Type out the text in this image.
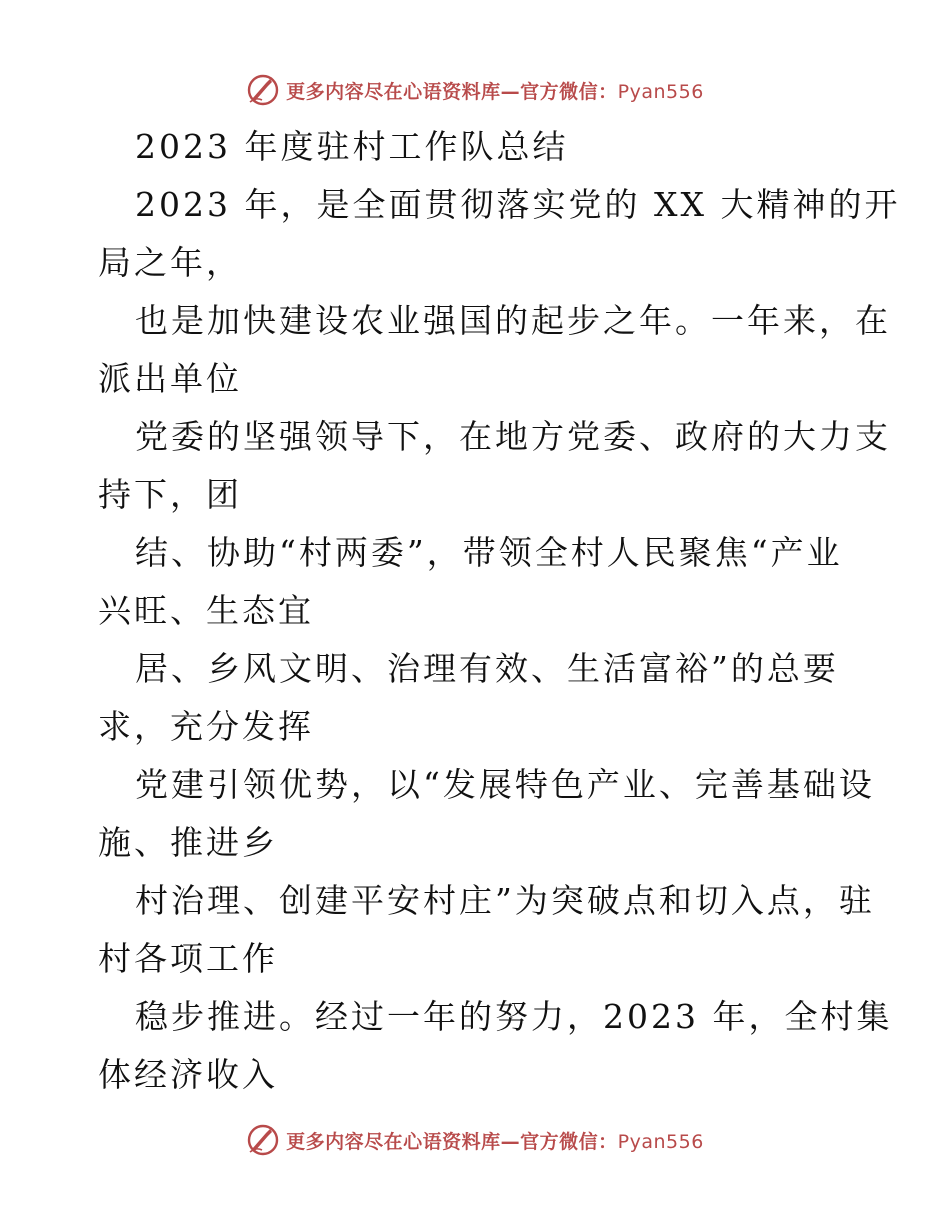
更多内容尽在心语资料库—官方微信：Pyan556
2023 年度驻村工作队总结
2023 年，是全面贯彻落实党的 XX 大精神的开
局之年，
也是加快建设农业强国的起步之年。一年来，在
派出单位
党委的坚强领导下，在地方党委、政府的大力支
持下，团
结、协助“村两委”，带领全村人民聚焦“产业
兴旺、生态宜
居、乡风文明、治理有效、生活富裕”的总要
求，充分发挥
党建引领优势，以“发展特色产业、完善基础设
施、推进乡
村治理、创建平安村庄”为突破点和切入点，驻
村各项工作
稳步推进。经过一年的努力，2023 年，全村集
体经济收入
更多内容尽在心语资料库—官方微信：Pyan556
